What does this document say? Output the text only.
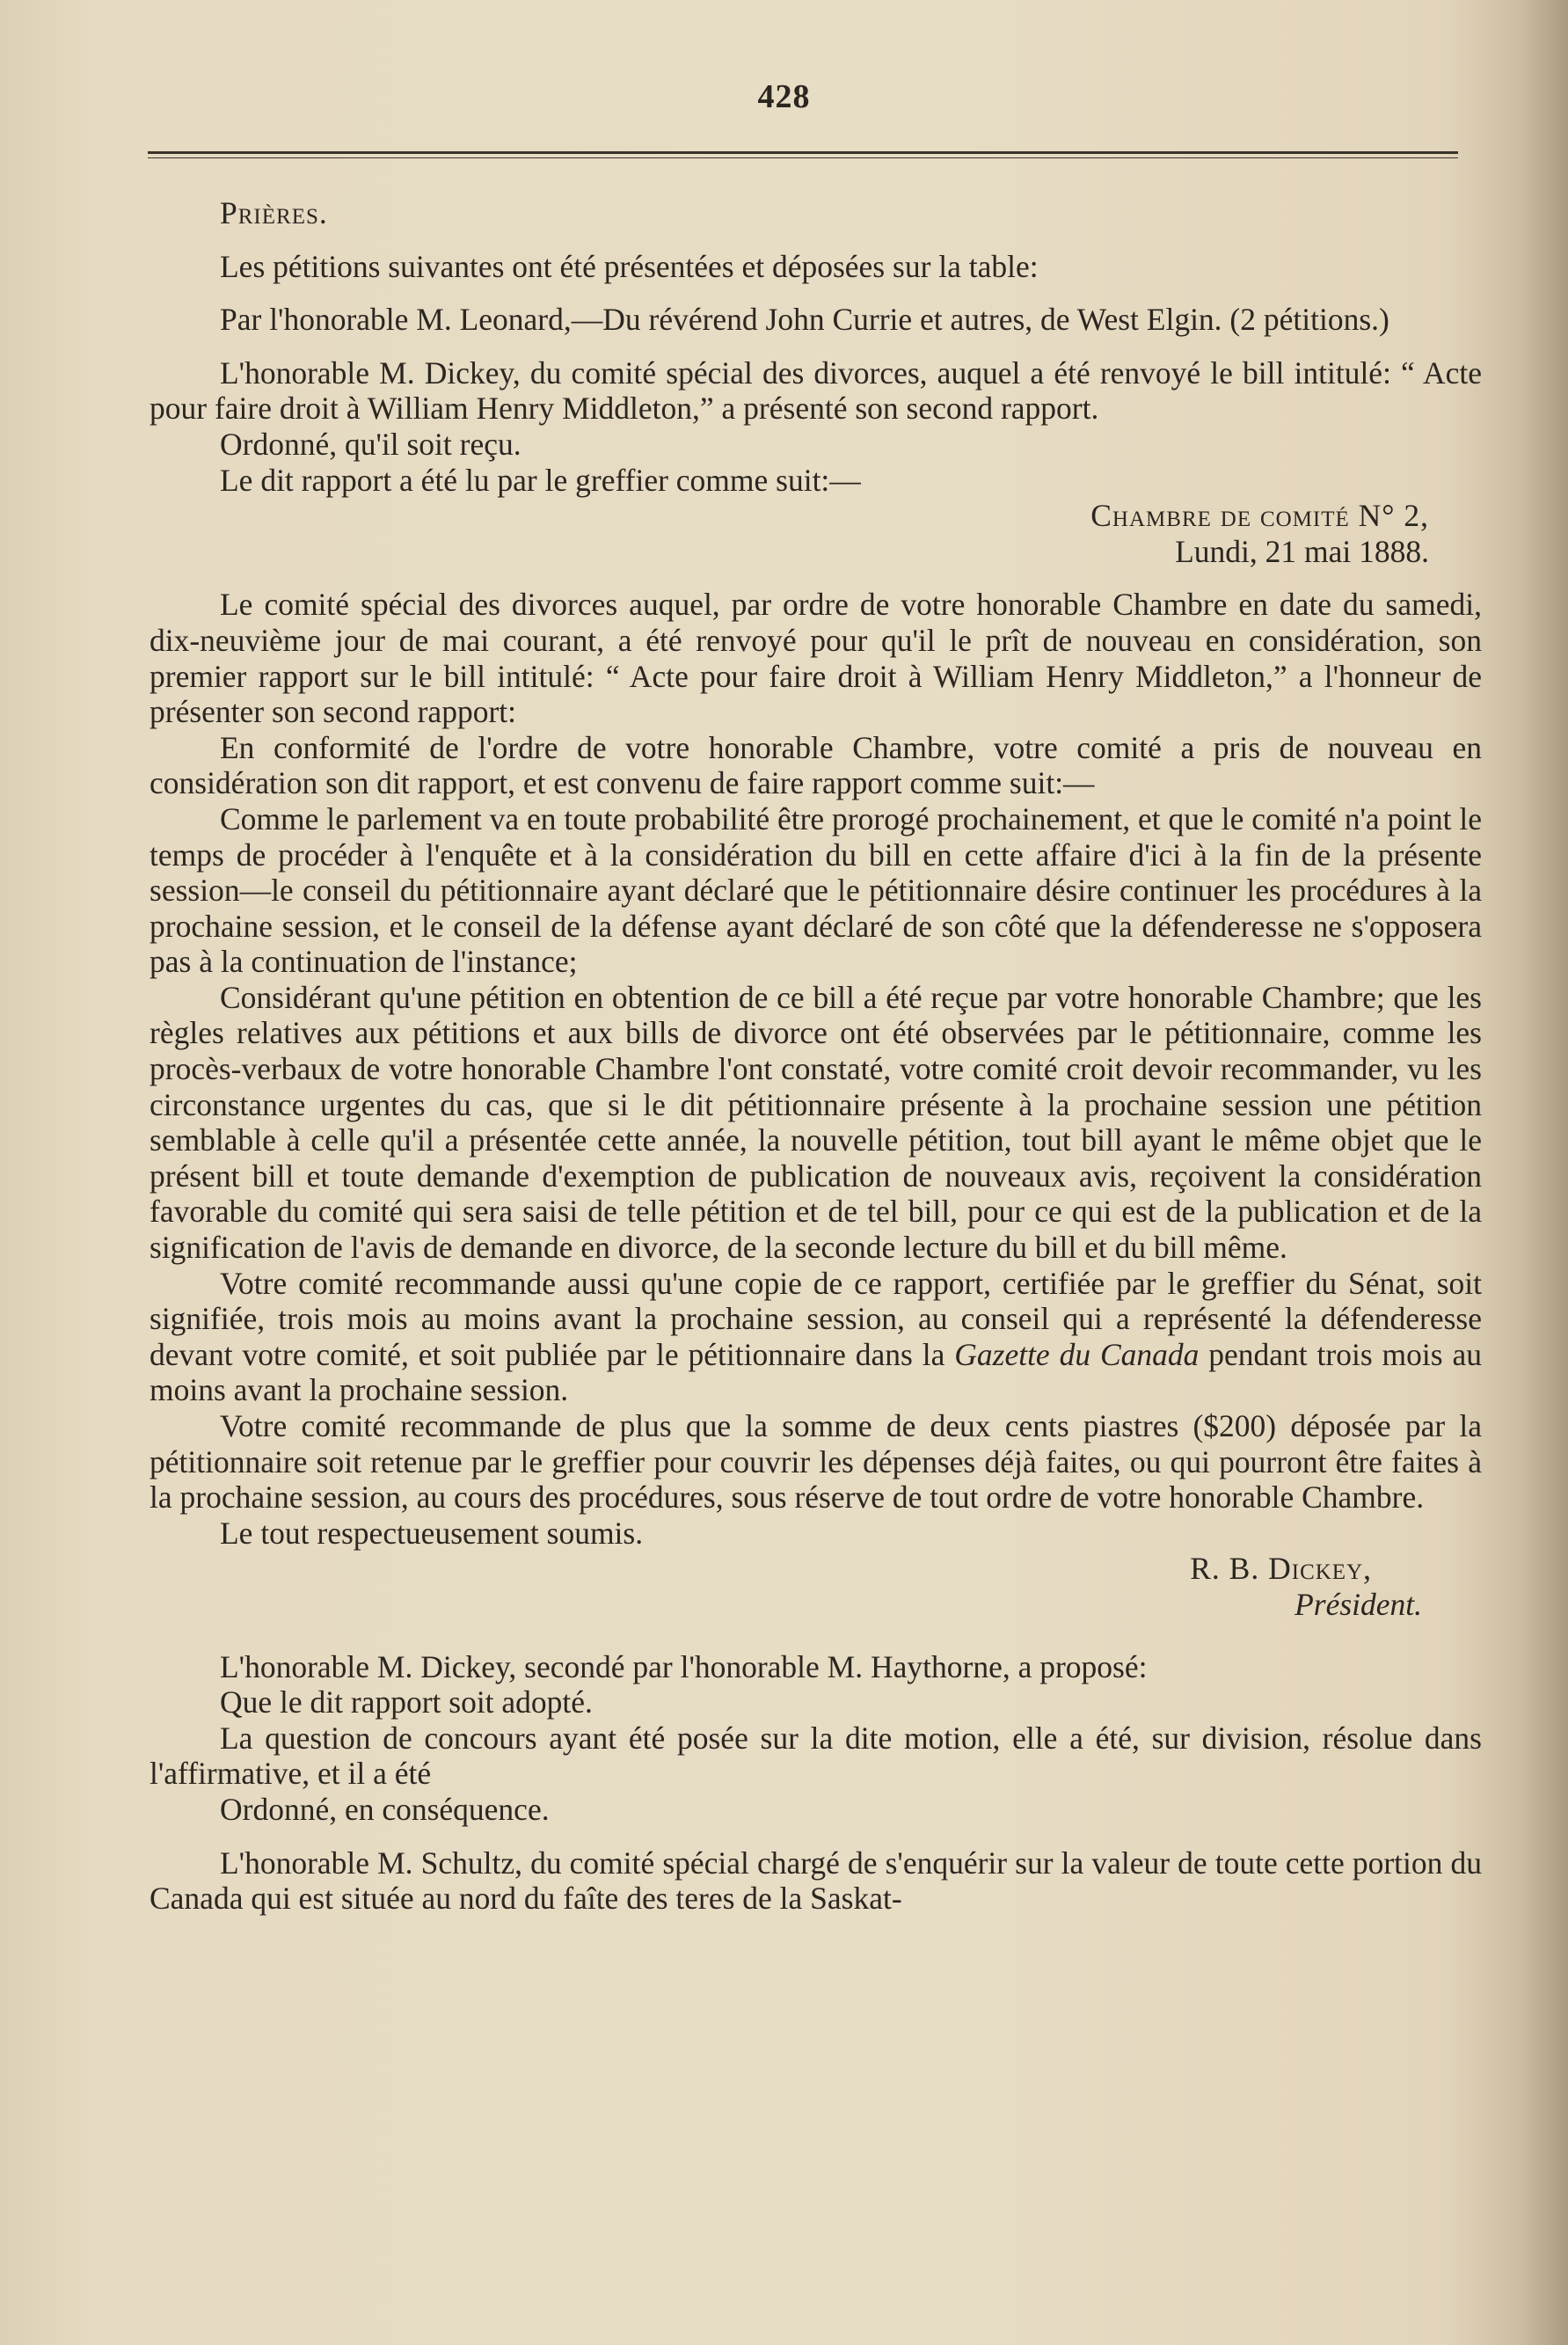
428

Prières.

Les pétitions suivantes ont été présentées et déposées sur la table:

Par l'honorable M. Leonard,—Du révérend John Currie et autres, de West Elgin. (2 pétitions.)

L'honorable M. Dickey, du comité spécial des divorces, auquel a été renvoyé le bill intitulé: “ Acte pour faire droit à William Henry Middleton,” a présenté son second rapport.

Ordonné, qu'il soit reçu.

Le dit rapport a été lu par le greffier comme suit:—

Chambre de comité N° 2,

Lundi, 21 mai 1888.

Le comité spécial des divorces auquel, par ordre de votre honorable Chambre en date du samedi, dix-neuvième jour de mai courant, a été renvoyé pour qu'il le prît de nouveau en considération, son premier rapport sur le bill intitulé: “ Acte pour faire droit à William Henry Middleton,” a l'honneur de présenter son second rapport:

En conformité de l'ordre de votre honorable Chambre, votre comité a pris de nouveau en considération son dit rapport, et est convenu de faire rapport comme suit:—

Comme le parlement va en toute probabilité être prorogé prochainement, et que le comité n'a point le temps de procéder à l'enquête et à la considération du bill en cette affaire d'ici à la fin de la présente session—le conseil du pétitionnaire ayant déclaré que le pétitionnaire désire continuer les procédures à la prochaine session, et le conseil de la défense ayant déclaré de son côté que la défenderesse ne s'opposera pas à la continuation de l'instance;

Considérant qu'une pétition en obtention de ce bill a été reçue par votre honorable Chambre; que les règles relatives aux pétitions et aux bills de divorce ont été observées par le pétitionnaire, comme les procès-verbaux de votre honorable Chambre l'ont constaté, votre comité croit devoir recommander, vu les circonstance urgentes du cas, que si le dit pétitionnaire présente à la prochaine session une pétition semblable à celle qu'il a présentée cette année, la nouvelle pétition, tout bill ayant le même objet que le présent bill et toute demande d'exemption de publication de nouveaux avis, reçoivent la considération favorable du comité qui sera saisi de telle pétition et de tel bill, pour ce qui est de la publication et de la signification de l'avis de demande en divorce, de la seconde lecture du bill et du bill même.

Votre comité recommande aussi qu'une copie de ce rapport, certifiée par le greffier du Sénat, soit signifiée, trois mois au moins avant la prochaine session, au conseil qui a représenté la défenderesse devant votre comité, et soit publiée par le pétitionnaire dans la Gazette du Canada pendant trois mois au moins avant la prochaine session.

Votre comité recommande de plus que la somme de deux cents piastres ($200) déposée par la pétitionnaire soit retenue par le greffier pour couvrir les dépenses déjà faites, ou qui pourront être faites à la prochaine session, au cours des procédures, sous réserve de tout ordre de votre honorable Chambre.

Le tout respectueusement soumis.

R. B. Dickey,

Président.

L'honorable M. Dickey, secondé par l'honorable M. Haythorne, a proposé:

Que le dit rapport soit adopté.

La question de concours ayant été posée sur la dite motion, elle a été, sur division, résolue dans l'affirmative, et il a été

Ordonné, en conséquence.

L'honorable M. Schultz, du comité spécial chargé de s'enquérir sur la valeur de toute cette portion du Canada qui est située au nord du faîte des teres de la Saskat-
